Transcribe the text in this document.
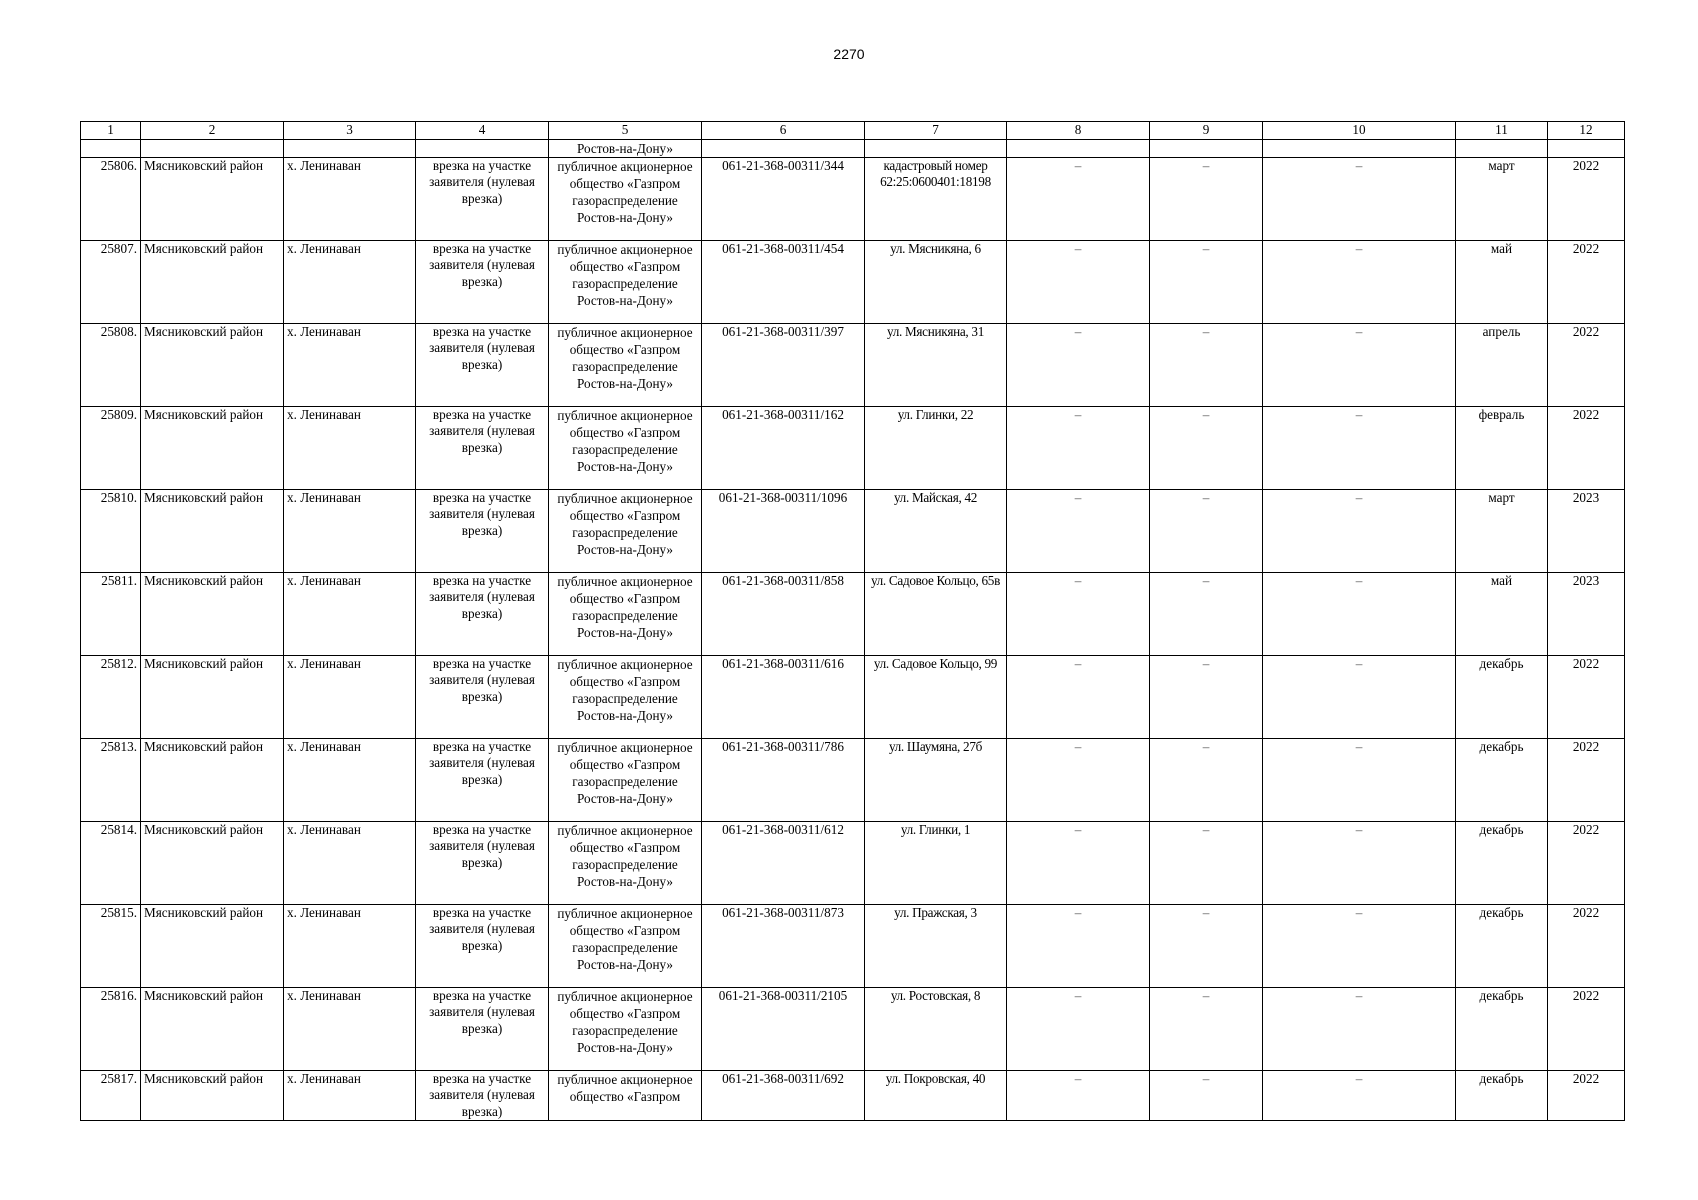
2270
1	2	3	4	5	6	7	8	9	10	11	12
				Ростов-на-Дону»							
25806.	Мясниковский район	х. Ленинаван	врезка на участке заявителя (нулевая врезка)	публичное акционерное общество «Газпром газораспределение Ростов-на-Дону»	061-21-368-00311/344	кадастровый номер 62:25:0600401:18198	–	–	–	март	2022
25807.	Мясниковский район	х. Ленинаван	врезка на участке заявителя (нулевая врезка)	публичное акционерное общество «Газпром газораспределение Ростов-на-Дону»	061-21-368-00311/454	ул. Мясникяна, 6	–	–	–	май	2022
25808.	Мясниковский район	х. Ленинаван	врезка на участке заявителя (нулевая врезка)	публичное акционерное общество «Газпром газораспределение Ростов-на-Дону»	061-21-368-00311/397	ул. Мясникяна, 31	–	–	–	апрель	2022
25809.	Мясниковский район	х. Ленинаван	врезка на участке заявителя (нулевая врезка)	публичное акционерное общество «Газпром газораспределение Ростов-на-Дону»	061-21-368-00311/162	ул. Глинки, 22	–	–	–	февраль	2022
25810.	Мясниковский район	х. Ленинаван	врезка на участке заявителя (нулевая врезка)	публичное акционерное общество «Газпром газораспределение Ростов-на-Дону»	061-21-368-00311/1096	ул. Майская, 42	–	–	–	март	2023
25811.	Мясниковский район	х. Ленинаван	врезка на участке заявителя (нулевая врезка)	публичное акционерное общество «Газпром газораспределение Ростов-на-Дону»	061-21-368-00311/858	ул. Садовое Кольцо, 65в	–	–	–	май	2023
25812.	Мясниковский район	х. Ленинаван	врезка на участке заявителя (нулевая врезка)	публичное акционерное общество «Газпром газораспределение Ростов-на-Дону»	061-21-368-00311/616	ул. Садовое Кольцо, 99	–	–	–	декабрь	2022
25813.	Мясниковский район	х. Ленинаван	врезка на участке заявителя (нулевая врезка)	публичное акционерное общество «Газпром газораспределение Ростов-на-Дону»	061-21-368-00311/786	ул. Шаумяна, 27б	–	–	–	декабрь	2022
25814.	Мясниковский район	х. Ленинаван	врезка на участке заявителя (нулевая врезка)	публичное акционерное общество «Газпром газораспределение Ростов-на-Дону»	061-21-368-00311/612	ул. Глинки, 1	–	–	–	декабрь	2022
25815.	Мясниковский район	х. Ленинаван	врезка на участке заявителя (нулевая врезка)	публичное акционерное общество «Газпром газораспределение Ростов-на-Дону»	061-21-368-00311/873	ул. Пражская, 3	–	–	–	декабрь	2022
25816.	Мясниковский район	х. Ленинаван	врезка на участке заявителя (нулевая врезка)	публичное акционерное общество «Газпром газораспределение Ростов-на-Дону»	061-21-368-00311/2105	ул. Ростовская, 8	–	–	–	декабрь	2022
25817.	Мясниковский район	х. Ленинаван	врезка на участке заявителя (нулевая врезка)	публичное акционерное общество «Газпром	061-21-368-00311/692	ул. Покровская, 40	–	–	–	декабрь	2022
